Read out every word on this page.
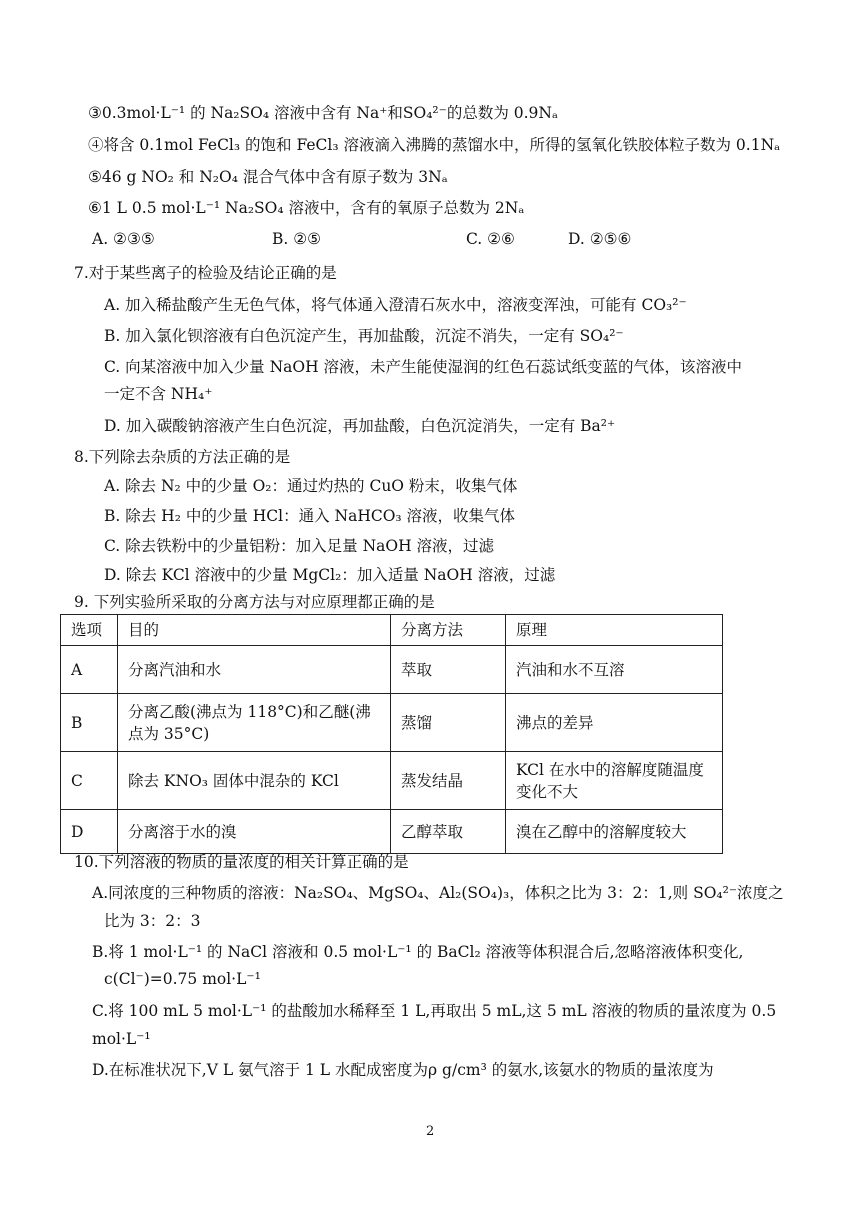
③0.3mol·L⁻¹ 的 Na₂SO₄ 溶液中含有 Na⁺和SO₄²⁻的总数为 0.9Nₐ
④将含 0.1mol FeCl₃ 的饱和 FeCl₃ 溶液滴入沸腾的蒸馏水中，所得的氢氧化铁胶体粒子数为 0.1Nₐ
⑤46 g NO₂ 和 N₂O₄ 混合气体中含有原子数为 3Nₐ
⑥1 L 0.5 mol·L⁻¹ Na₂SO₄ 溶液中，含有的氧原子总数为 2Nₐ
A. ②③⑤	B. ②⑤	C. ②⑥	D. ②⑤⑥
7.对于某些离子的检验及结论正确的是
A. 加入稀盐酸产生无色气体，将气体通入澄清石灰水中，溶液变浑浊，可能有 CO₃²⁻
B. 加入氯化钡溶液有白色沉淀产生，再加盐酸，沉淀不消失，一定有 SO₄²⁻
C. 向某溶液中加入少量 NaOH 溶液，未产生能使湿润的红色石蕊试纸变蓝的气体，该溶液中
一定不含 NH₄⁺
D. 加入碳酸钠溶液产生白色沉淀，再加盐酸，白色沉淀消失，一定有 Ba²⁺
8.下列除去杂质的方法正确的是
A. 除去 N₂ 中的少量 O₂：通过灼热的 CuO 粉末，收集气体
B. 除去 H₂ 中的少量 HCl：通入 NaHCO₃ 溶液，收集气体
C. 除去铁粉中的少量铝粉：加入足量 NaOH 溶液，过滤
D. 除去 KCl 溶液中的少量 MgCl₂：加入适量 NaOH 溶液，过滤
9. 下列实验所采取的分离方法与对应原理都正确的是
选项	目的	分离方法	原理
A	分离汽油和水	萃取	汽油和水不互溶
B	分离乙酸(沸点为 118°C)和乙醚(沸点为 35°C)	蒸馏	沸点的差异
C	除去 KNO₃ 固体中混杂的 KCl	蒸发结晶	KCl 在水中的溶解度随温度变化不大
D	分离溶于水的溴	乙醇萃取	溴在乙醇中的溶解度较大
10.下列溶液的物质的量浓度的相关计算正确的是
A.同浓度的三种物质的溶液：Na₂SO₄、MgSO₄、Al₂(SO₄)₃，体积之比为 3：2：1,则 SO₄²⁻浓度之
比为 3：2：3
B.将 1 mol·L⁻¹ 的 NaCl 溶液和 0.5 mol·L⁻¹ 的 BaCl₂ 溶液等体积混合后,忽略溶液体积变化,
c(Cl⁻)=0.75 mol·L⁻¹
C.将 100 mL 5 mol·L⁻¹ 的盐酸加水稀释至 1 L,再取出 5 mL,这 5 mL 溶液的物质的量浓度为 0.5
mol·L⁻¹
D.在标准状况下,V L 氨气溶于 1 L 水配成密度为ρ g/cm³ 的氨水,该氨水的物质的量浓度为
2
